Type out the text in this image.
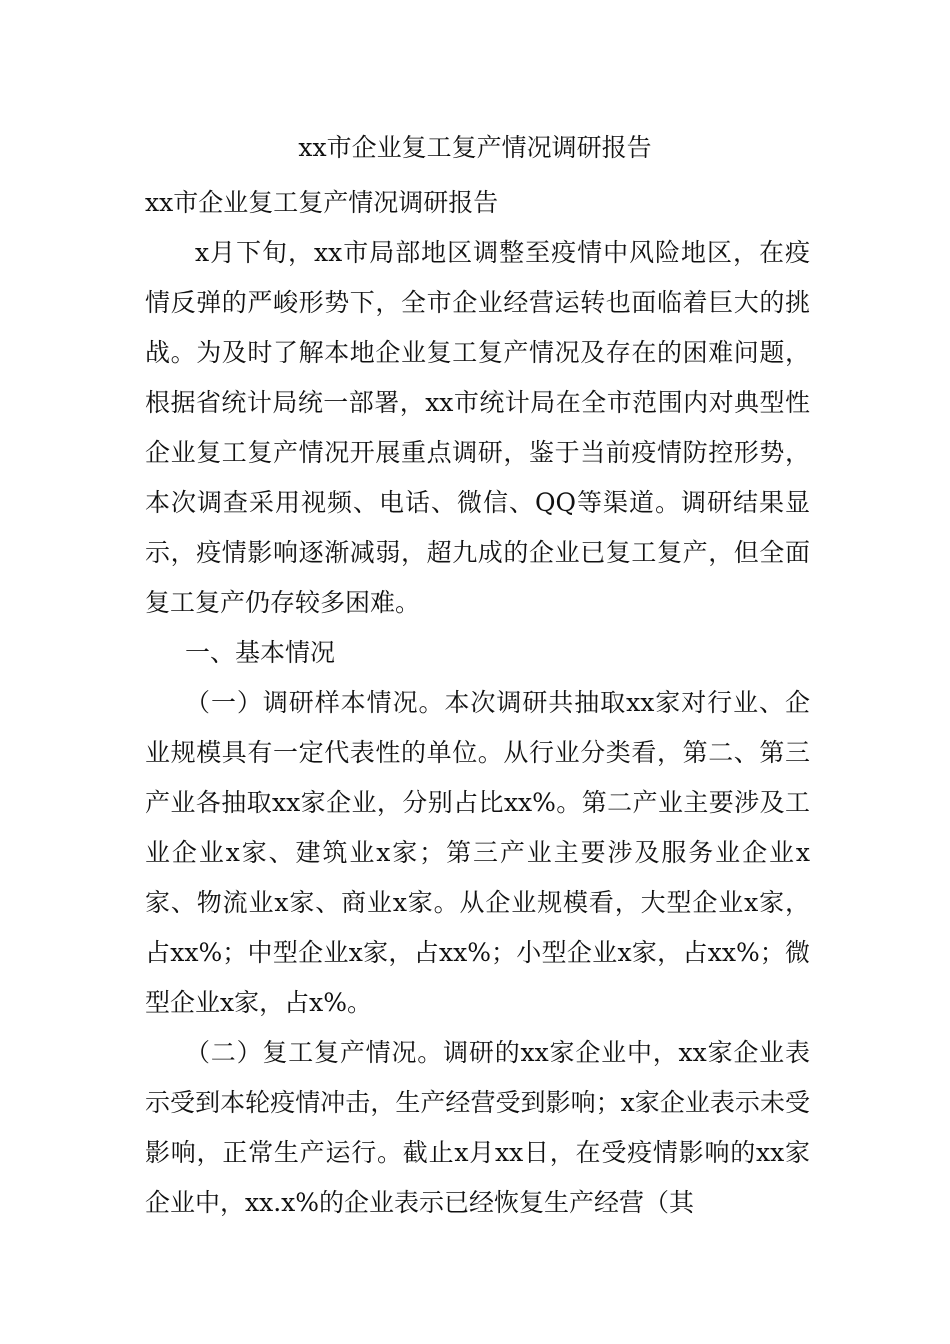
xx市企业复工复产情况调研报告

xx市企业复工复产情况调研报告

x月下旬，xx市局部地区调整至疫情中风险地区，在疫情反弹的严峻形势下，全市企业经营运转也面临着巨大的挑战。为及时了解本地企业复工复产情况及存在的困难问题，根据省统计局统一部署，xx市统计局在全市范围内对典型性企业复工复产情况开展重点调研，鉴于当前疫情防控形势，本次调查采用视频、电话、微信、QQ等渠道。调研结果显示，疫情影响逐渐减弱，超九成的企业已复工复产，但全面复工复产仍存较多困难。

一、基本情况

（一）调研样本情况。本次调研共抽取xx家对行业、企业规模具有一定代表性的单位。从行业分类看，第二、第三产业各抽取xx家企业，分别占比xx%。第二产业主要涉及工业企业x家、建筑业x家；第三产业主要涉及服务业企业x家、物流业x家、商业x家。从企业规模看，大型企业x家，占xx%；中型企业x家，占xx%；小型企业x家，占xx%；微型企业x家，占x%。

（二）复工复产情况。调研的xx家企业中，xx家企业表示受到本轮疫情冲击，生产经营受到影响；x家企业表示未受影响，正常生产运行。截止x月xx日，在受疫情影响的xx家企业中，xx.x%的企业表示已经恢复生产经营（其
